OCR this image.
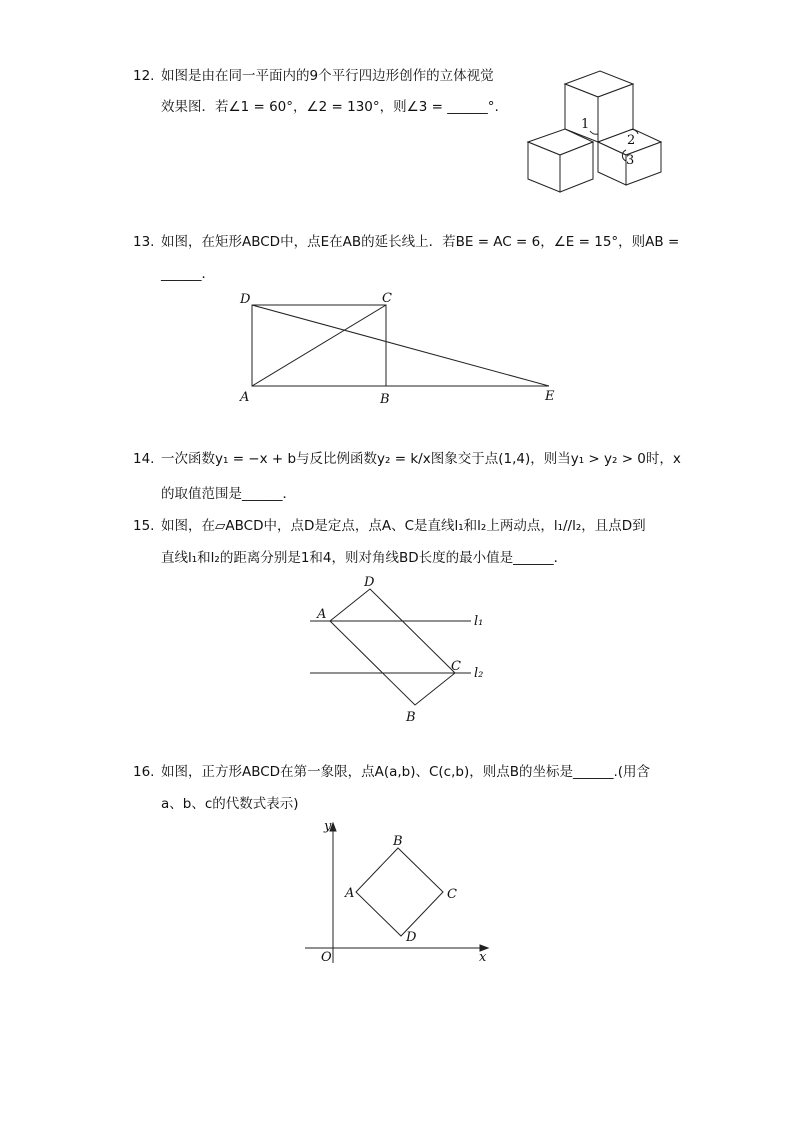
12. 如图是由在同一平面内的9个平行四边形创作的立体视觉
效果图．若∠1 = 60°，∠2 = 130°，则∠3 = ______°.
1
2
3
13. 如图，在矩形ABCD中，点E在AB的延长线上．若BE = AC = 6，∠E = 15°，则AB =
______．
D	C
A	B	E
14. 一次函数y₁ = −x + b与反比例函数y₂ = k/x图象交于点(1,4)，则当y₁ > y₂ > 0时，x
的取值范围是______．
15. 如图，在▱ABCD中，点D是定点，点A、C是直线l₁和l₂上两动点，l₁//l₂，且点D到
直线l₁和l₂的距离分别是1和4，则对角线BD长度的最小值是______．
D
A	l₁
C l₂
B
16. 如图，正方形ABCD在第一象限，点A(a,b)、C(c,b)，则点B的坐标是______.(用含
a、b、c的代数式表示)
y
B
A	C
D
O	x
